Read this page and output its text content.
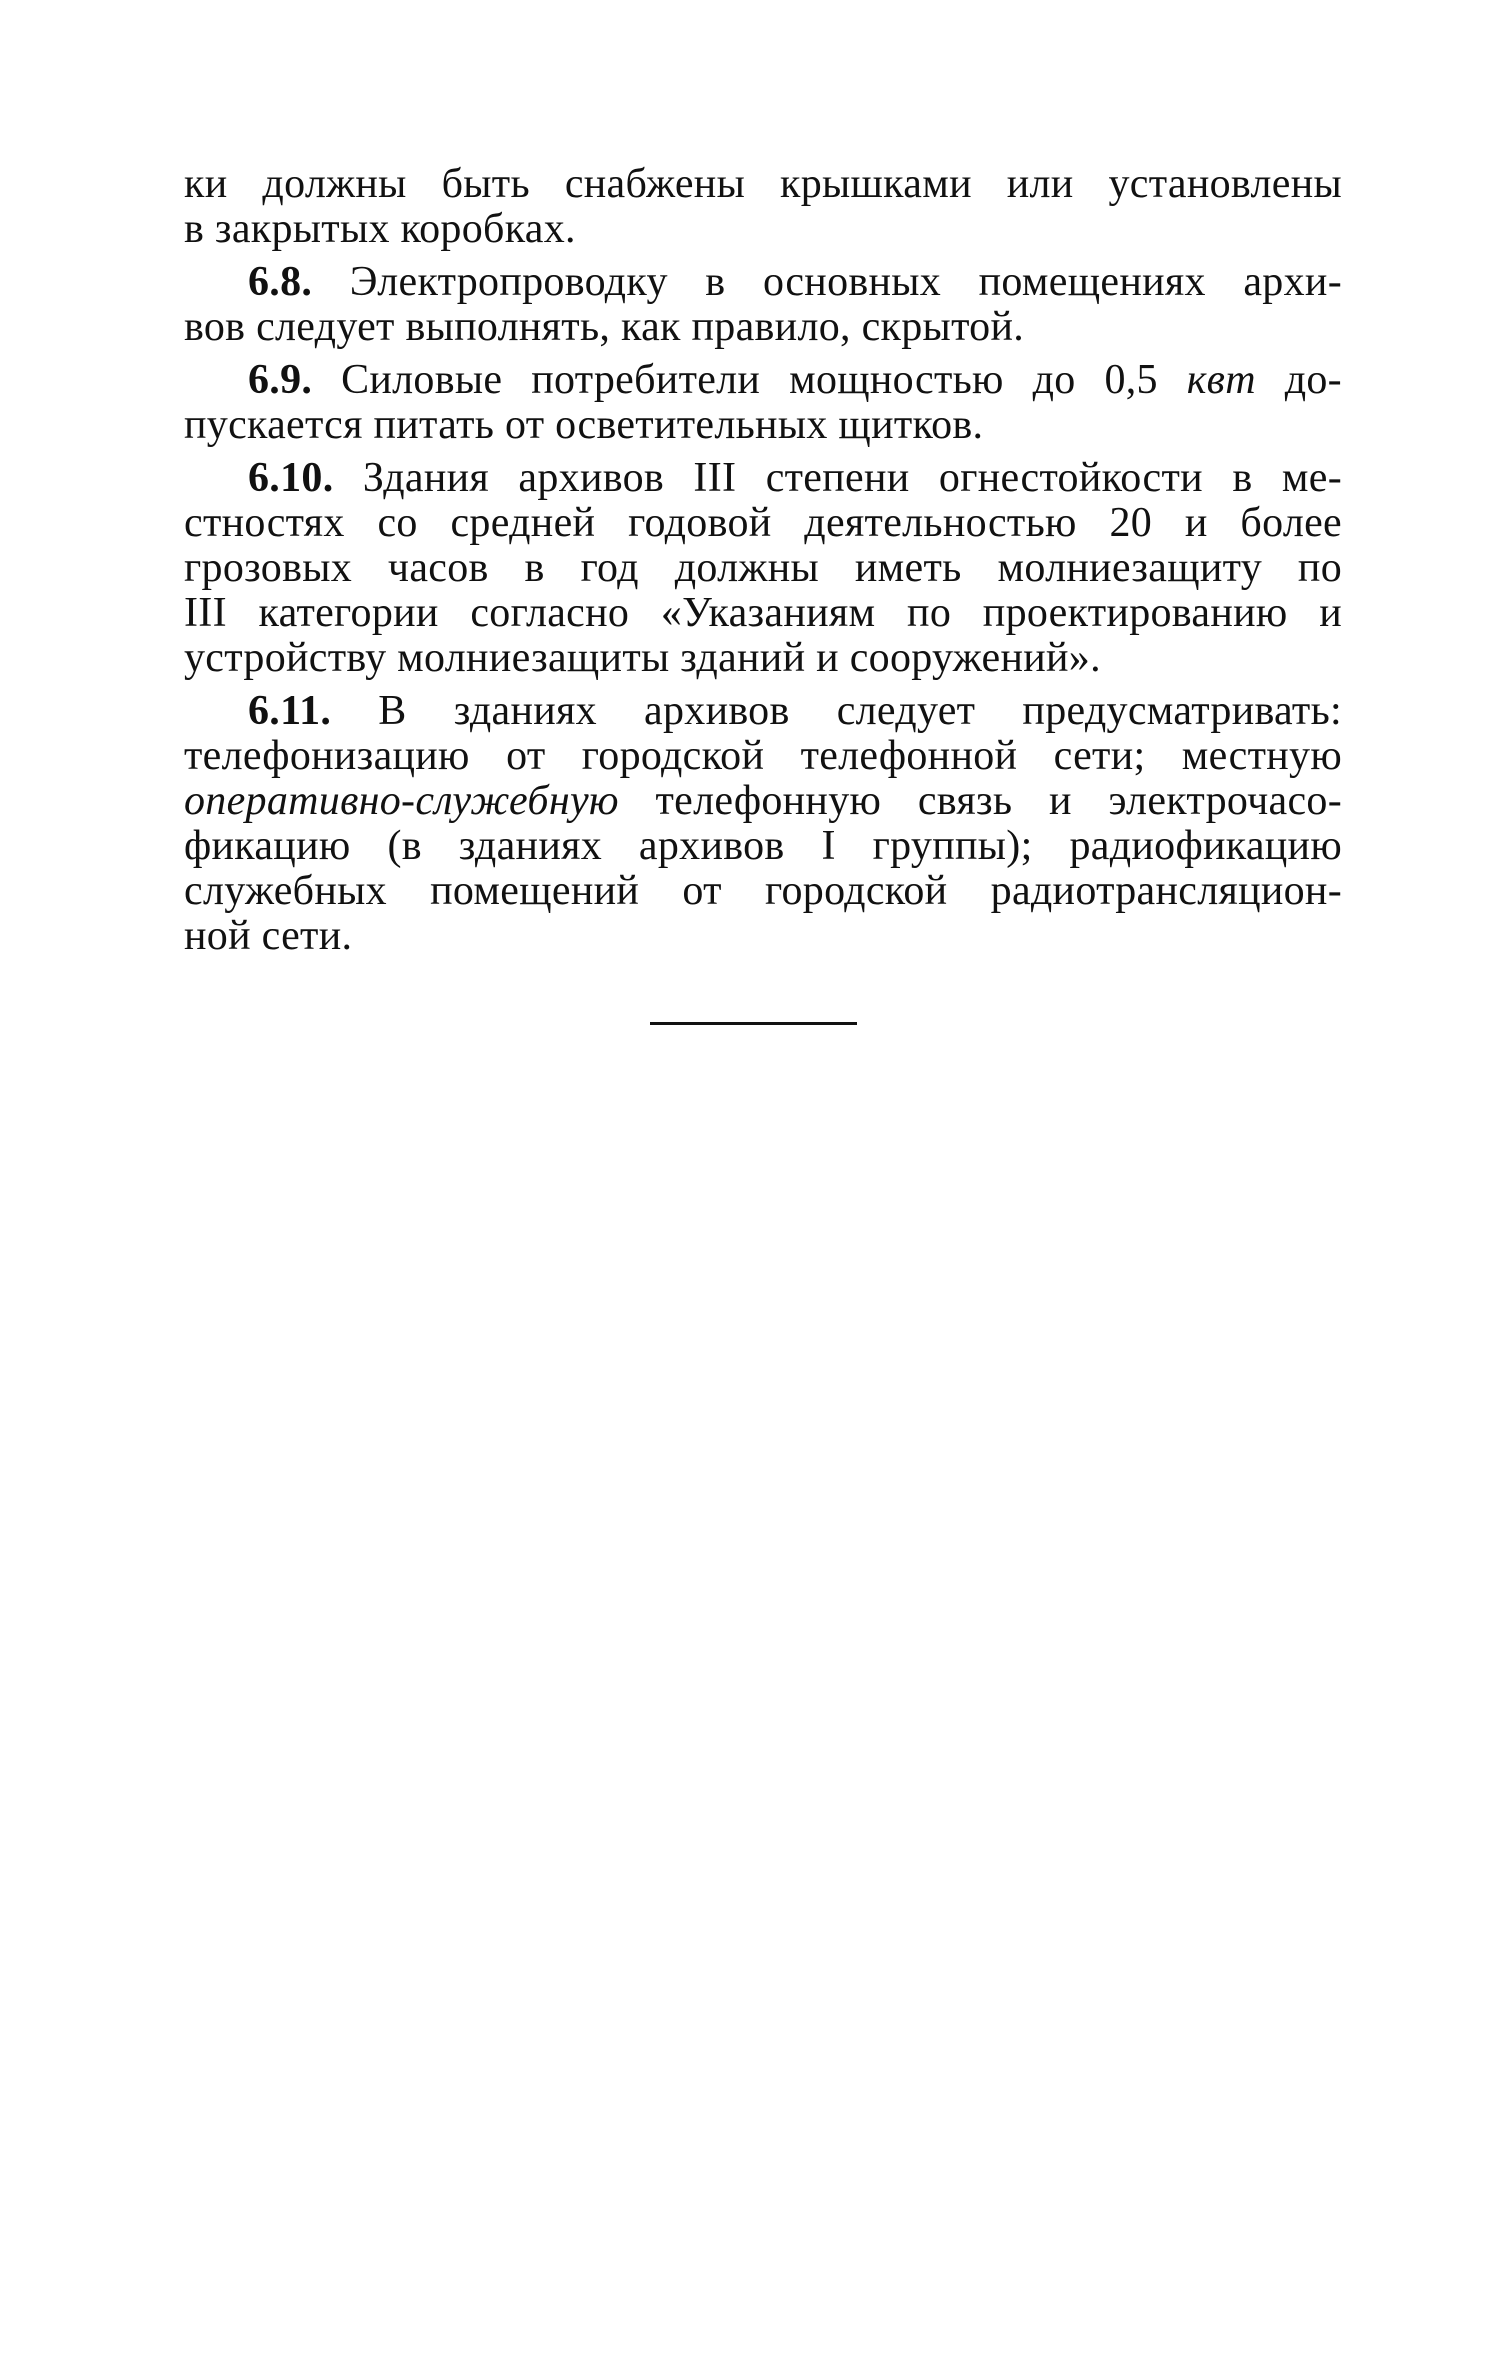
ки должны быть снабжены крышками или установлены
в закрытых коробках.
6.8. Электропроводку в основных помещениях архи-
вов следует выполнять, как правило, скрытой.
6.9. Силовые потребители мощностью до 0,5 квт до-
пускается питать от осветительных щитков.
6.10. Здания архивов III степени огнестойкости в ме-
стностях со средней годовой деятельностью 20 и более
грозовых часов в год должны иметь молниезащиту по
III категории согласно «Указаниям по проектированию и
устройству молниезащиты зданий и сооружений».
6.11. В зданиях архивов следует предусматривать:
телефонизацию от городской телефонной сети; местную
оперативно-служебную телефонную связь и электрочасо-
фикацию (в зданиях архивов I группы); радиофикацию
служебных помещений от городской радиотрансляцион-
ной сети.
